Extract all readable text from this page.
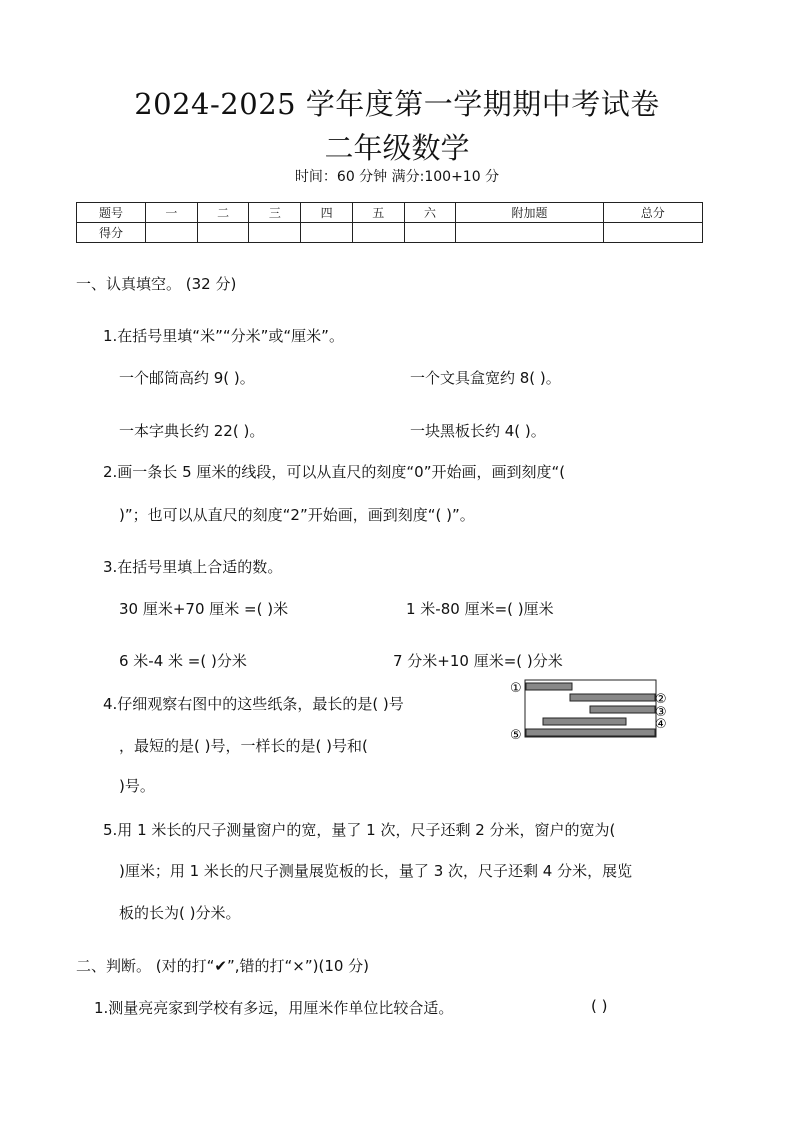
2024-2025 学年度第一学期期中考试卷
二年级数学
时间：60 分钟 满分:100+10 分
题号	一	二	三	四	五	六	附加题	总分
得分								
一、认真填空。 (32 分)
1.在括号里填“米”“分米”或“厘米”。
一个邮筒高约 9( )。	一个文具盒宽约 8( )。
一本字典长约 22( )。	一块黑板长约 4( )。
2.画一条长 5 厘米的线段，可以从直尺的刻度“0”开始画，画到刻度“(
)”；也可以从直尺的刻度“2”开始画，画到刻度“( )”。
3.在括号里填上合适的数。
30 厘米+70 厘米 =( )米	1 米-80 厘米=( )厘米
6 米-4 米 =( )分米	7 分米+10 厘米=( )分米
4.仔细观察右图中的这些纸条，最长的是( )号
，最短的是( )号，一样长的是( )号和(
)号。
①
②
③
④
⑤
5.用 1 米长的尺子测量窗户的宽，量了 1 次，尺子还剩 2 分米，窗户的宽为(
)厘米；用 1 米长的尺子测量展览板的长，量了 3 次，尺子还剩 4 分米，展览
板的长为( )分米。
二、判断。 (对的打“✔”,错的打“×”)(10 分)
1.测量亮亮家到学校有多远，用厘米作单位比较合适。	( )
